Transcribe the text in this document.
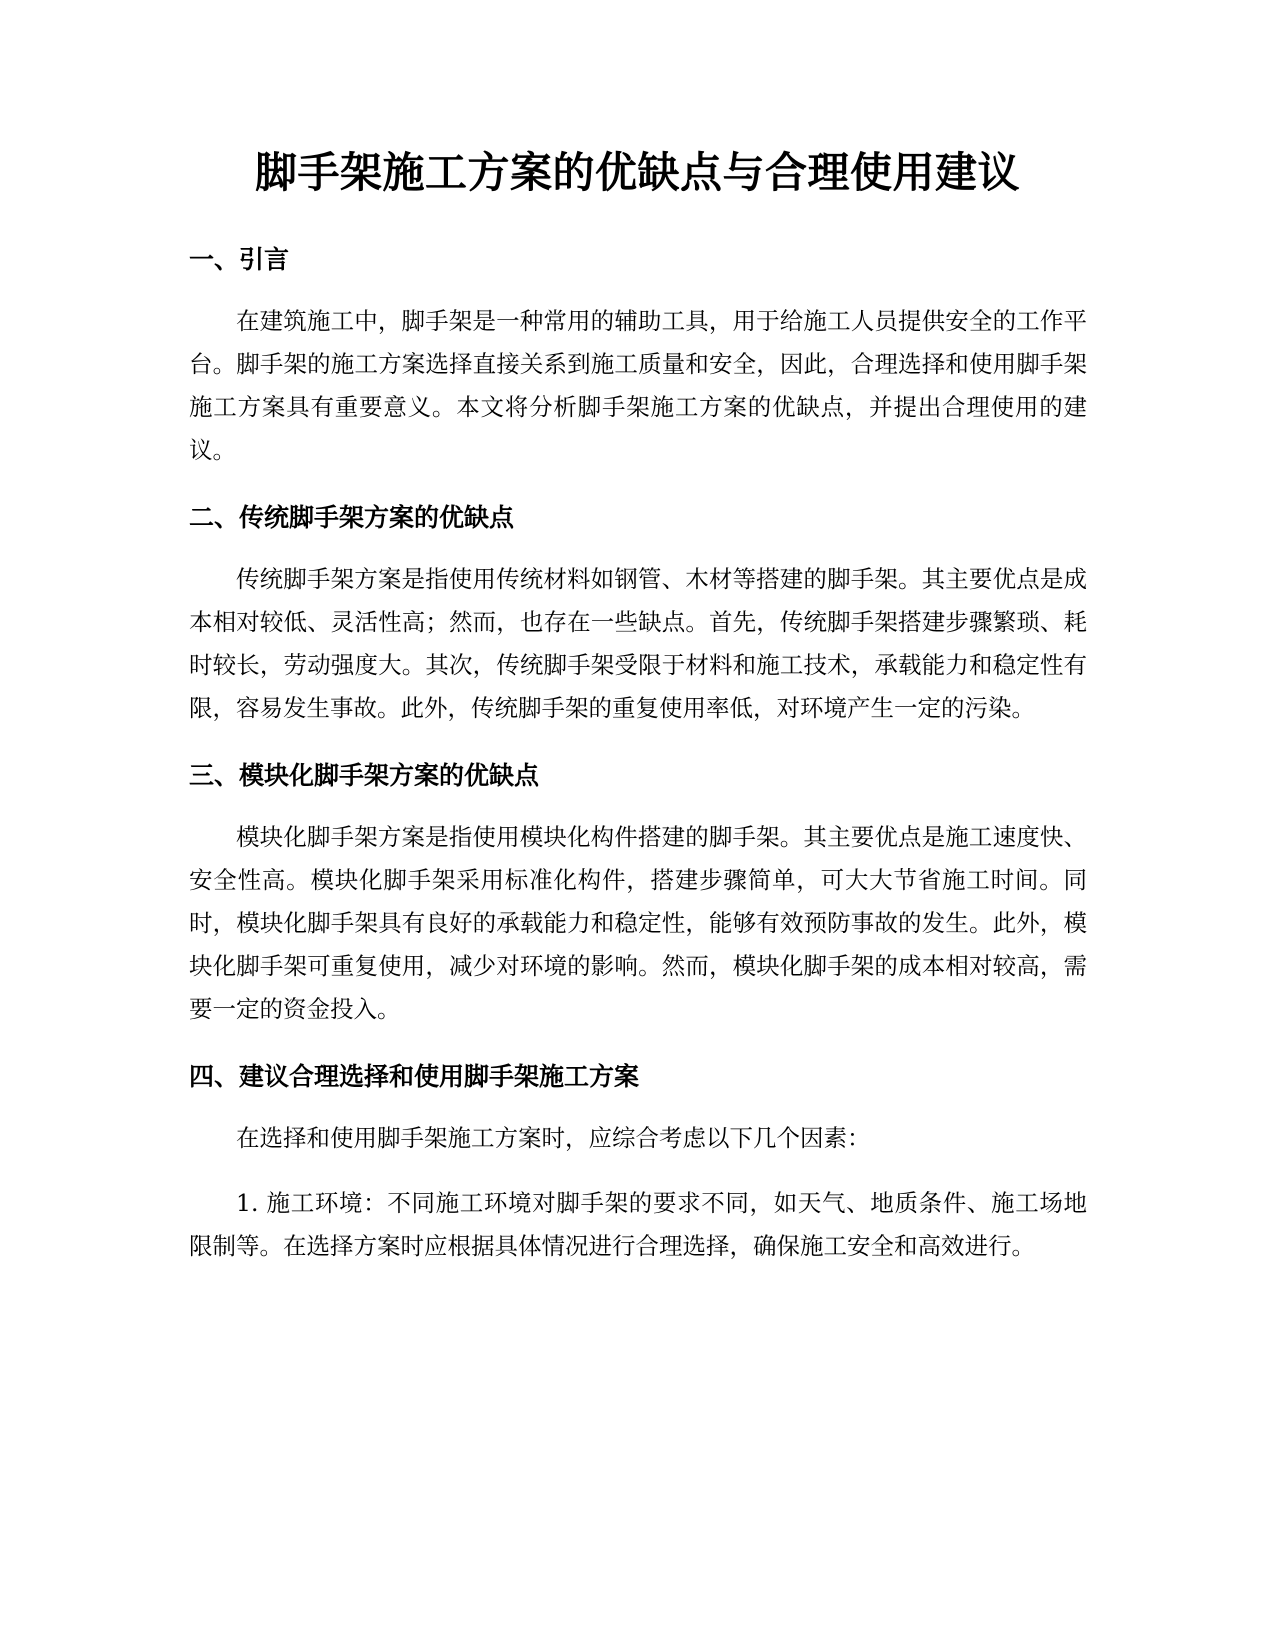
脚手架施工方案的优缺点与合理使用建议
一、引言

在建筑施工中，脚手架是一种常用的辅助工具，用于给施工人员提供安全的工作平台。脚手架的施工方案选择直接关系到施工质量和安全，因此，合理选择和使用脚手架施工方案具有重要意义。本文将分析脚手架施工方案的优缺点，并提出合理使用的建议。

二、传统脚手架方案的优缺点

传统脚手架方案是指使用传统材料如钢管、木材等搭建的脚手架。其主要优点是成本相对较低、灵活性高；然而，也存在一些缺点。首先，传统脚手架搭建步骤繁琐、耗时较长，劳动强度大。其次，传统脚手架受限于材料和施工技术，承载能力和稳定性有限，容易发生事故。此外，传统脚手架的重复使用率低，对环境产生一定的污染。

三、模块化脚手架方案的优缺点

模块化脚手架方案是指使用模块化构件搭建的脚手架。其主要优点是施工速度快、安全性高。模块化脚手架采用标准化构件，搭建步骤简单，可大大节省施工时间。同时，模块化脚手架具有良好的承载能力和稳定性，能够有效预防事故的发生。此外，模块化脚手架可重复使用，减少对环境的影响。然而，模块化脚手架的成本相对较高，需要一定的资金投入。

四、建议合理选择和使用脚手架施工方案

在选择和使用脚手架施工方案时，应综合考虑以下几个因素：

1. 施工环境：不同施工环境对脚手架的要求不同，如天气、地质条件、施工场地限制等。在选择方案时应根据具体情况进行合理选择，确保施工安全和高效进行。
